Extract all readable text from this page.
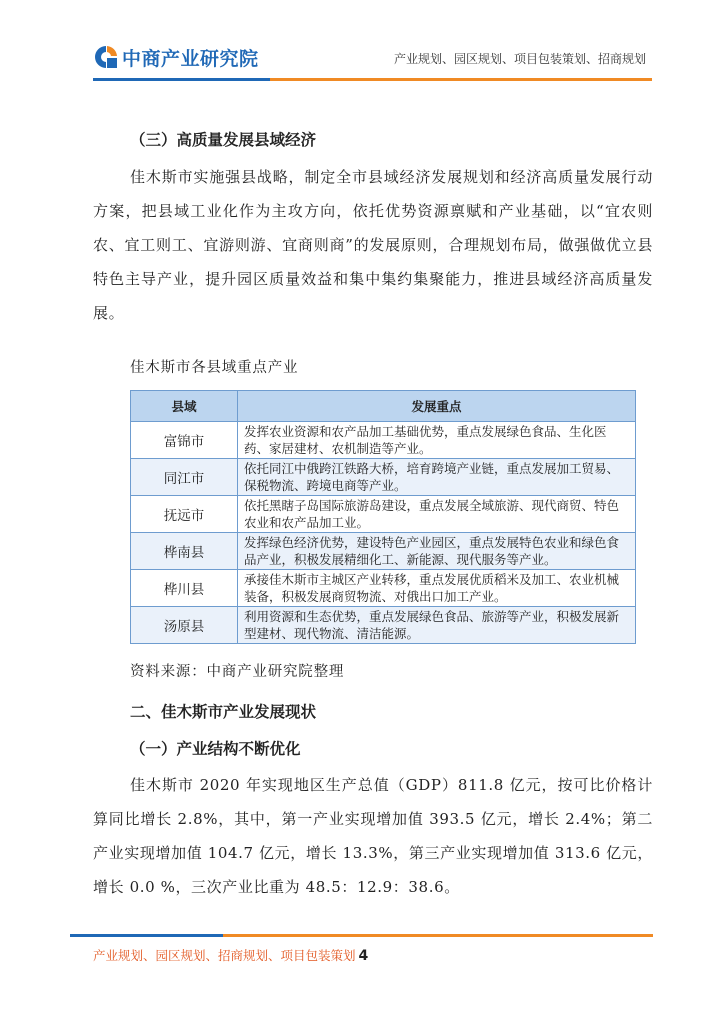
中商产业研究院	产业规划、园区规划、项目包装策划、招商规划
（三）高质量发展县域经济
佳木斯市实施强县战略，制定全市县域经济发展规划和经济高质量发展行动方案，把县域工业化作为主攻方向，依托优势资源禀赋和产业基础，以“宜农则农、宜工则工、宜游则游、宜商则商”的发展原则，合理规划布局，做强做优立县特色主导产业，提升园区质量效益和集中集约集聚能力，推进县域经济高质量发展。
佳木斯市各县域重点产业
县域	发展重点
富锦市	发挥农业资源和农产品加工基础优势，重点发展绿色食品、生化医药、家居建材、农机制造等产业。
同江市	依托同江中俄跨江铁路大桥，培育跨境产业链，重点发展加工贸易、保税物流、跨境电商等产业。
抚远市	依托黑瞎子岛国际旅游岛建设，重点发展全域旅游、现代商贸、特色农业和农产品加工业。
桦南县	发挥绿色经济优势，建设特色产业园区，重点发展特色农业和绿色食品产业，积极发展精细化工、新能源、现代服务等产业。
桦川县	承接佳木斯市主城区产业转移，重点发展优质稻米及加工、农业机械装备，积极发展商贸物流、对俄出口加工产业。
汤原县	利用资源和生态优势，重点发展绿色食品、旅游等产业，积极发展新型建材、现代物流、清洁能源。
资料来源：中商产业研究院整理
二、佳木斯市产业发展现状
（一）产业结构不断优化
佳木斯市 2020 年实现地区生产总值（GDP）811.8 亿元，按可比价格计算同比增长 2.8%，其中，第一产业实现增加值 393.5 亿元，增长 2.4%；第二产业实现增加值 104.7 亿元，增长 13.3%，第三产业实现增加值 313.6 亿元，增长 0.0 %，三次产业比重为 48.5：12.9：38.6。
产业规划、园区规划、招商规划、项目包装策划 4
